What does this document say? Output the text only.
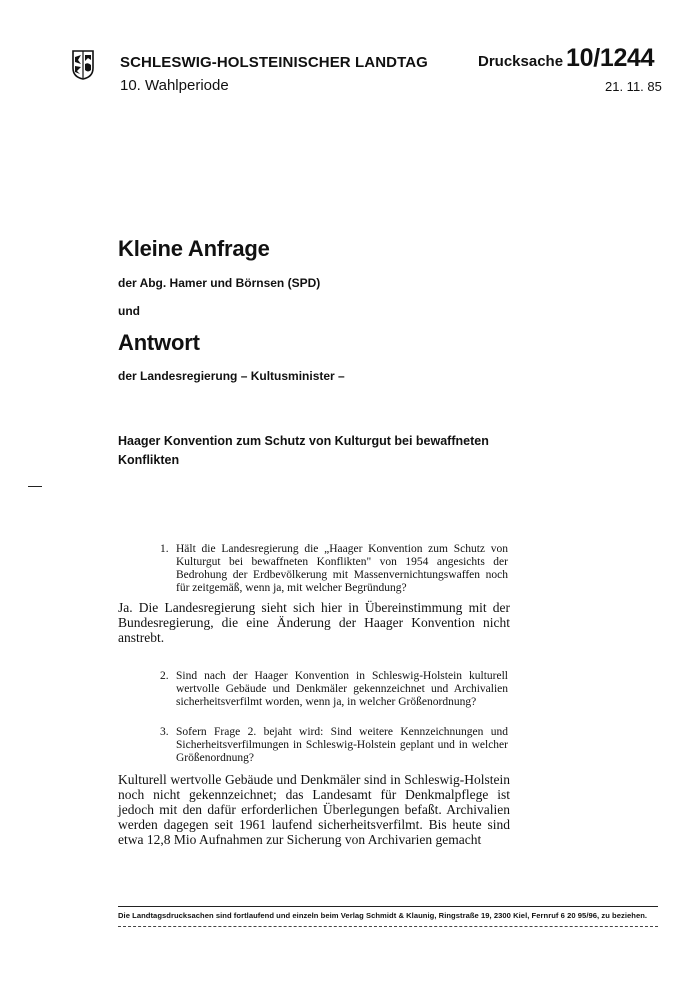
SCHLESWIG-HOLSTEINISCHER LANDTAG
10. Wahlperiode
Drucksache 10/1244
21. 11. 85
Kleine Anfrage
der Abg. Hamer und Börnsen (SPD)
und
Antwort
der Landesregierung – Kultusminister –
Haager Konvention zum Schutz von Kulturgut bei bewaffneten Konflikten
1. Hält die Landesregierung die „Haager Konvention zum Schutz von Kulturgut bei bewaffneten Konflikten" von 1954 angesichts der Bedrohung der Erdbevölkerung mit Massenvernichtungswaffen noch für zeitgemäß, wenn ja, mit welcher Begründung?
Ja. Die Landesregierung sieht sich hier in Übereinstimmung mit der Bundesregierung, die eine Änderung der Haager Konvention nicht anstrebt.
2. Sind nach der Haager Konvention in Schleswig-Holstein kulturell wertvolle Gebäude und Denkmäler gekennzeichnet und Archivalien sicherheitsverfilmt worden, wenn ja, in welcher Größenordnung?
3. Sofern Frage 2. bejaht wird: Sind weitere Kennzeichnungen und Sicherheitsverfilmungen in Schleswig-Holstein geplant und in welcher Größenordnung?
Kulturell wertvolle Gebäude und Denkmäler sind in Schleswig-Holstein noch nicht gekennzeichnet; das Landesamt für Denkmalpflege ist jedoch mit den dafür erforderlichen Überlegungen befaßt. Archivalien werden dagegen seit 1961 laufend sicherheitsverfilmt. Bis heute sind etwa 12,8 Mio Aufnahmen zur Sicherung von Archivarien gemacht
Die Landtagsdrucksachen sind fortlaufend und einzeln beim Verlag Schmidt & Klaunig, Ringstraße 19, 2300 Kiel, Fernruf 6 20 95/96, zu beziehen.
